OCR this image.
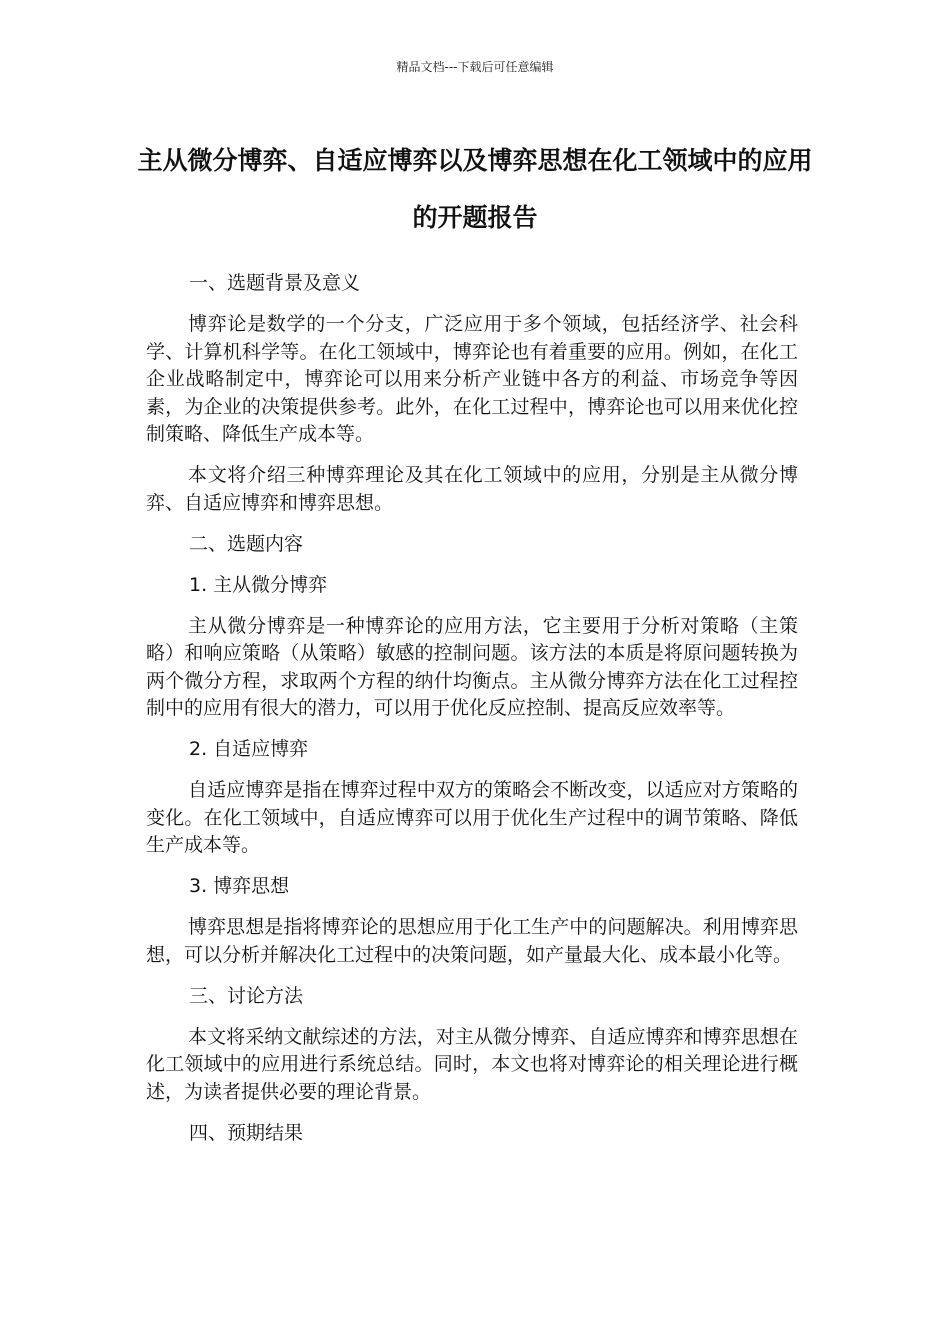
精品文档---下载后可任意编辑
主从微分博弈、自适应博弈以及博弈思想在化工领域中的应用的开题报告

一、选题背景及意义

博弈论是数学的一个分支，广泛应用于多个领域，包括经济学、社会科学、计算机科学等。在化工领域中，博弈论也有着重要的应用。例如，在化工企业战略制定中，博弈论可以用来分析产业链中各方的利益、市场竞争等因素，为企业的决策提供参考。此外，在化工过程中，博弈论也可以用来优化控制策略、降低生产成本等。

本文将介绍三种博弈理论及其在化工领域中的应用，分别是主从微分博弈、自适应博弈和博弈思想。

二、选题内容

1. 主从微分博弈

主从微分博弈是一种博弈论的应用方法，它主要用于分析对策略（主策略）和响应策略（从策略）敏感的控制问题。该方法的本质是将原问题转换为两个微分方程，求取两个方程的纳什均衡点。主从微分博弈方法在化工过程控制中的应用有很大的潜力，可以用于优化反应控制、提高反应效率等。

2. 自适应博弈

自适应博弈是指在博弈过程中双方的策略会不断改变，以适应对方策略的变化。在化工领域中，自适应博弈可以用于优化生产过程中的调节策略、降低生产成本等。

3. 博弈思想

博弈思想是指将博弈论的思想应用于化工生产中的问题解决。利用博弈思想，可以分析并解决化工过程中的决策问题，如产量最大化、成本最小化等。

三、讨论方法

本文将采纳文献综述的方法，对主从微分博弈、自适应博弈和博弈思想在化工领域中的应用进行系统总结。同时，本文也将对博弈论的相关理论进行概述，为读者提供必要的理论背景。

四、预期结果
